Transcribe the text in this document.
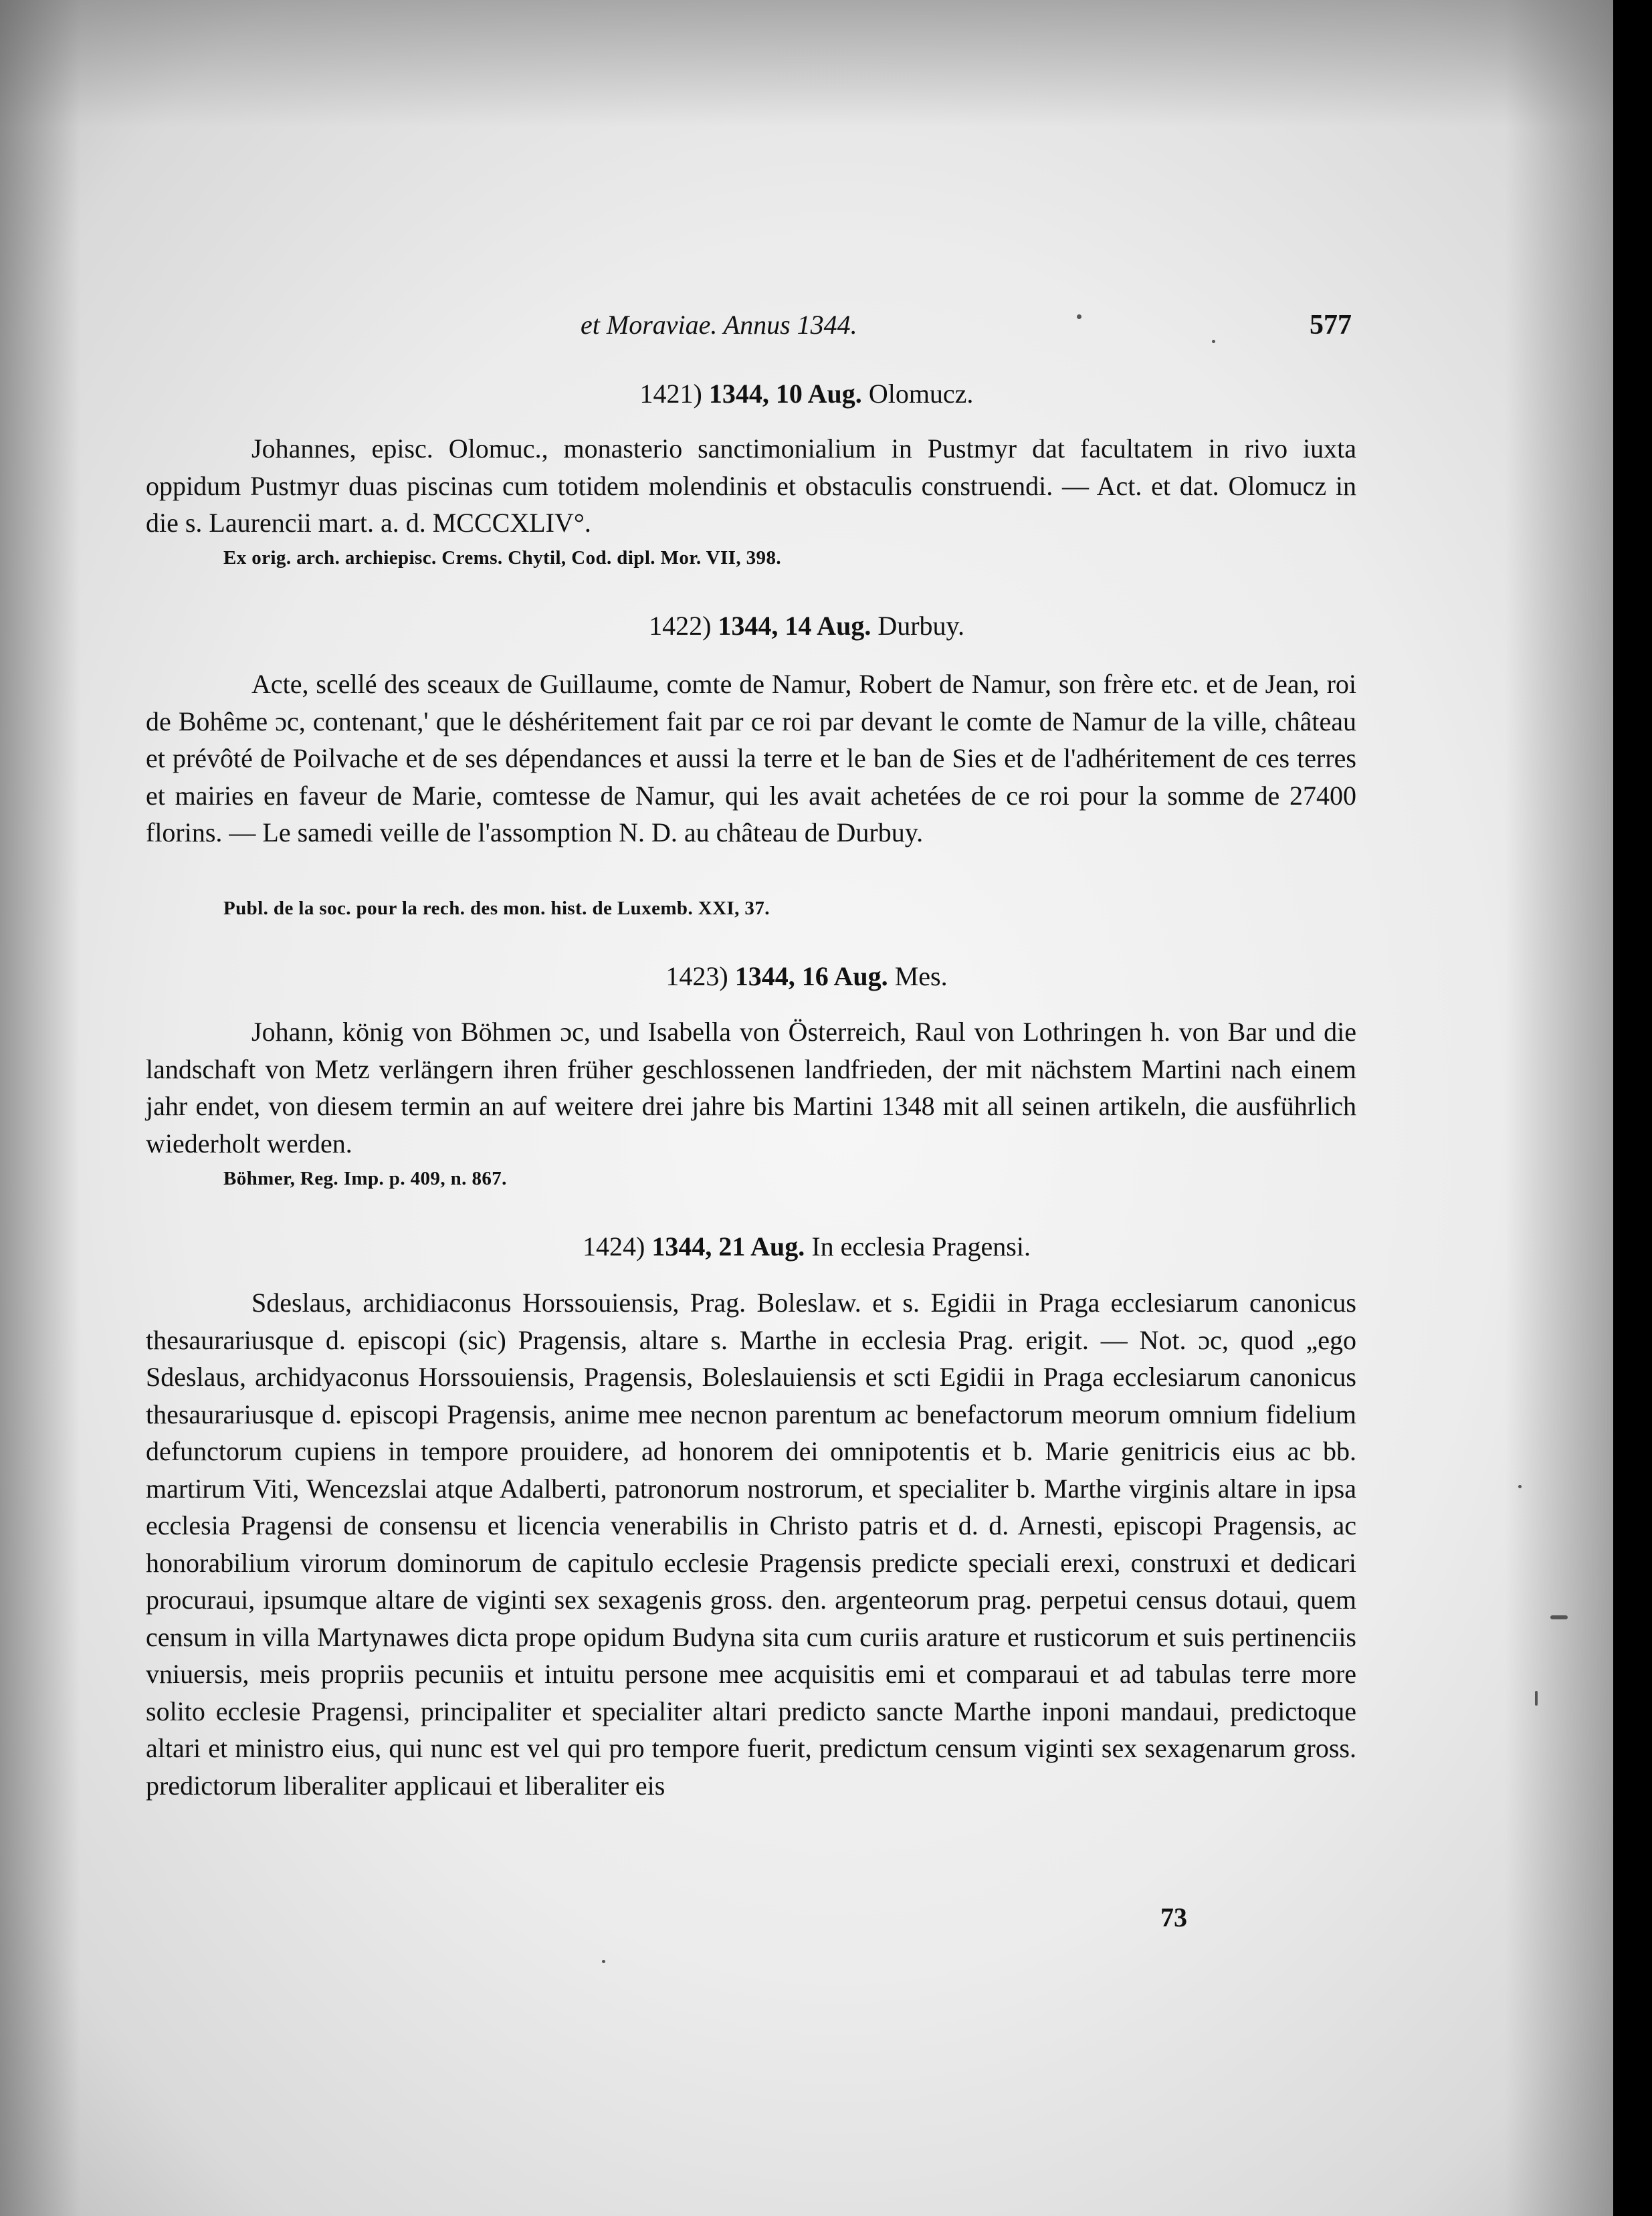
et Moraviae. Annus 1344.	577
1421) 1344, 10 Aug. Olomucz.
Johannes, episc. Olomuc., monasterio sanctimonialium in Pustmyr dat facultatem in rivo iuxta oppidum Pustmyr duas piscinas cum totidem molendinis et obstaculis construendi. — Act. et dat. Olomucz in die s. Laurencii mart. a. d. MCCCXLIV°.
Ex orig. arch. archiepisc. Crems. Chytil, Cod. dipl. Mor. VII, 398.
1422) 1344, 14 Aug. Durbuy.
Acte, scellé des sceaux de Guillaume, comte de Namur, Robert de Namur, son frère etc. et de Jean, roi de Bohême ɔc, contenant,' que le déshéritement fait par ce roi par devant le comte de Namur de la ville, château et prévôté de Poilvache et de ses dépendances et aussi la terre et le ban de Sies et de l'adhéritement de ces terres et mairies en faveur de Marie, comtesse de Namur, qui les avait achetées de ce roi pour la somme de 27400 florins. — Le samedi veille de l'assomption N. D. au château de Durbuy.
Publ. de la soc. pour la rech. des mon. hist. de Luxemb. XXI, 37.
1423) 1344, 16 Aug. Mes.
Johann, könig von Böhmen ɔc, und Isabella von Österreich, Raul von Lothringen h. von Bar und die landschaft von Metz verlängern ihren früher geschlossenen landfrieden, der mit nächstem Martini nach einem jahr endet, von diesem termin an auf weitere drei jahre bis Martini 1348 mit all seinen artikeln, die ausführlich wiederholt werden.
Böhmer, Reg. Imp. p. 409, n. 867.
1424) 1344, 21 Aug. In ecclesia Pragensi.
Sdeslaus, archidiaconus Horssouiensis, Prag. Boleslaw. et s. Egidii in Praga ecclesiarum canonicus thesaurariusque d. episcopi (sic) Pragensis, altare s. Marthe in ecclesia Prag. erigit. — Not. ɔc, quod „ego Sdeslaus, archidyaconus Horssouiensis, Pragensis, Boleslauiensis et scti Egidii in Praga ecclesiarum canonicus thesaurariusque d. episcopi Pragensis, anime mee necnon parentum ac benefactorum meorum omnium fidelium defunctorum cupiens in tempore prouidere, ad honorem dei omnipotentis et b. Marie genitricis eius ac bb. martirum Viti, Wencezslai atque Adalberti, patronorum nostrorum, et specialiter b. Marthe virginis altare in ipsa ecclesia Pragensi de consensu et licencia venerabilis in Christo patris et d. d. Arnesti, episcopi Pragensis, ac honorabilium virorum dominorum de capitulo ecclesie Pragensis predicte speciali erexi, construxi et dedicari procuraui, ipsumque altare de viginti sex sexagenis gross. den. argenteorum prag. perpetui census dotaui, quem censum in villa Martynawes dicta prope opidum Budyna sita cum curiis arature et rusticorum et suis pertinenciis vniuersis, meis propriis pecuniis et intuitu persone mee acquisitis emi et comparaui et ad tabulas terre more solito ecclesie Pragensi, principaliter et specialiter altari predicto sancte Marthe inponi mandaui, predictoque altari et ministro eius, qui nunc est vel qui pro tempore fuerit, predictum censum viginti sex sexagenarum gross. predictorum liberaliter applicaui et liberaliter eis
73
